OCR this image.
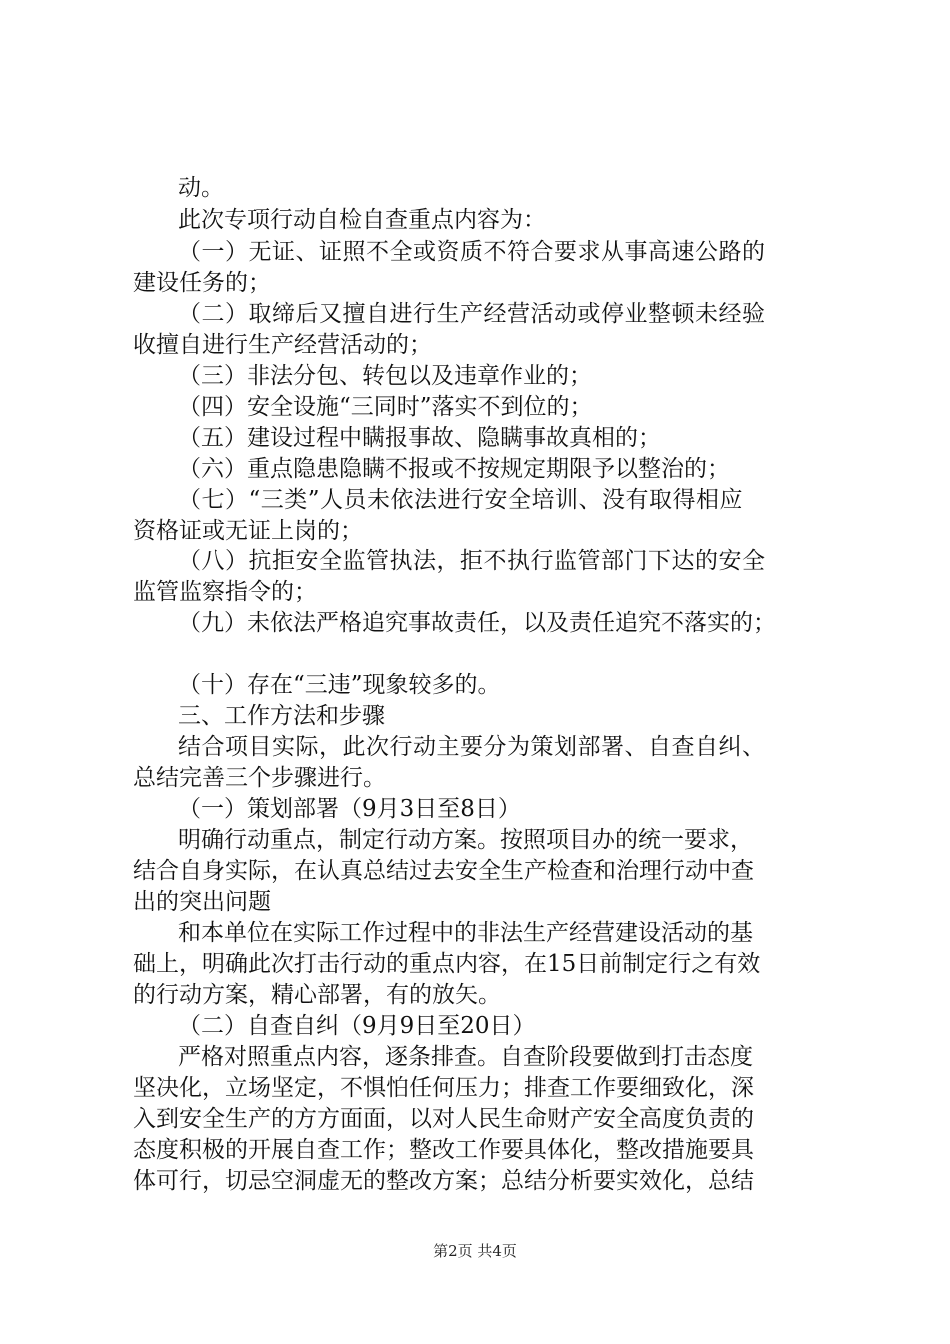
动。
此次专项行动自检自查重点内容为：
（一）无证、证照不全或资质不符合要求从事高速公路的
建设任务的；
（二）取缔后又擅自进行生产经营活动或停业整顿未经验
收擅自进行生产经营活动的；
（三）非法分包、转包以及违章作业的；
（四）安全设施“三同时”落实不到位的；
（五）建设过程中瞒报事故、隐瞒事故真相的；
（六）重点隐患隐瞒不报或不按规定期限予以整治的；
（七）“三类”人员未依法进行安全培训、没有取得相应
资格证或无证上岗的；
（八）抗拒安全监管执法，拒不执行监管部门下达的安全
监管监察指令的；
（九）未依法严格追究事故责任，以及责任追究不落实的；
（十）存在“三违”现象较多的。
三、工作方法和步骤
结合项目实际，此次行动主要分为策划部署、自查自纠、
总结完善三个步骤进行。
（一）策划部署（9月3日至8日）
明确行动重点，制定行动方案。按照项目办的统一要求，
结合自身实际，在认真总结过去安全生产检查和治理行动中查
出的突出问题
和本单位在实际工作过程中的非法生产经营建设活动的基
础上，明确此次打击行动的重点内容，在15日前制定行之有效
的行动方案，精心部署，有的放矢。
（二）自查自纠（9月9日至20日）
严格对照重点内容，逐条排查。自查阶段要做到打击态度
坚决化，立场坚定，不惧怕任何压力；排查工作要细致化，深
入到安全生产的方方面面，以对人民生命财产安全高度负责的
态度积极的开展自查工作；整改工作要具体化，整改措施要具
体可行，切忌空洞虚无的整改方案；总结分析要实效化，总结
第2页 共4页
